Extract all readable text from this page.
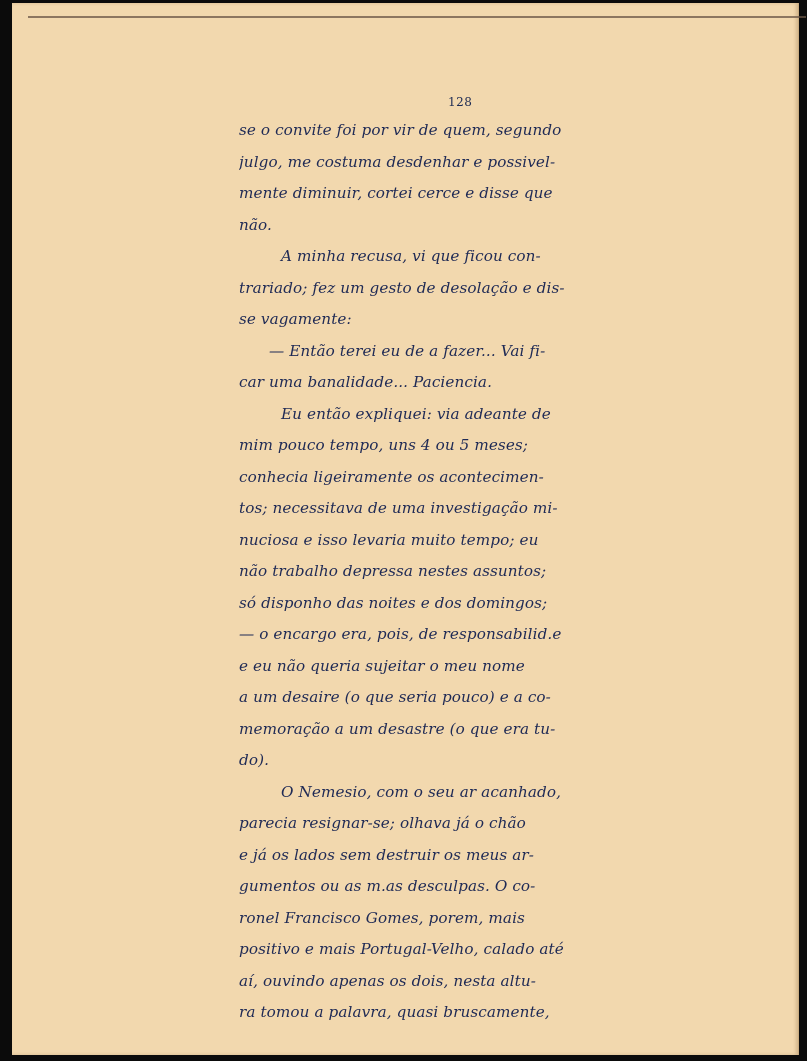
128
se o convite foi por vir de quem, segundo
julgo, me costuma desdenhar e possivel-
mente diminuir, cortei cerce e disse que
não.
A minha recusa, vi que ficou con-
trariado; fez um gesto de desolação e dis-
se vagamente:
— Então terei eu de a fazer... Vai fi-
car uma banalidade... Paciencia.
Eu então expliquei: via adeante de
mim pouco tempo, uns 4 ou 5 meses;
conhecia ligeiramente os acontecimen-
tos; necessitava de uma investigação mi-
nuciosa e isso levaria muito tempo; eu
não trabalho depressa nestes assuntos;
só disponho das noites e dos domingos;
— o encargo era, pois, de responsabilid.e
e eu não queria sujeitar o meu nome
a um desaire (o que seria pouco) e a co-
memoração a um desastre (o que era tu-
do).
O Nemesio, com o seu ar acanhado,
parecia resignar-se; olhava já o chão
e já os lados sem destruir os meus ar-
gumentos ou as m.as desculpas. O co-
ronel Francisco Gomes, porem, mais
positivo e mais Portugal-Velho, calado até
aí, ouvindo apenas os dois, nesta altu-
ra tomou a palavra, quasi bruscamente,
